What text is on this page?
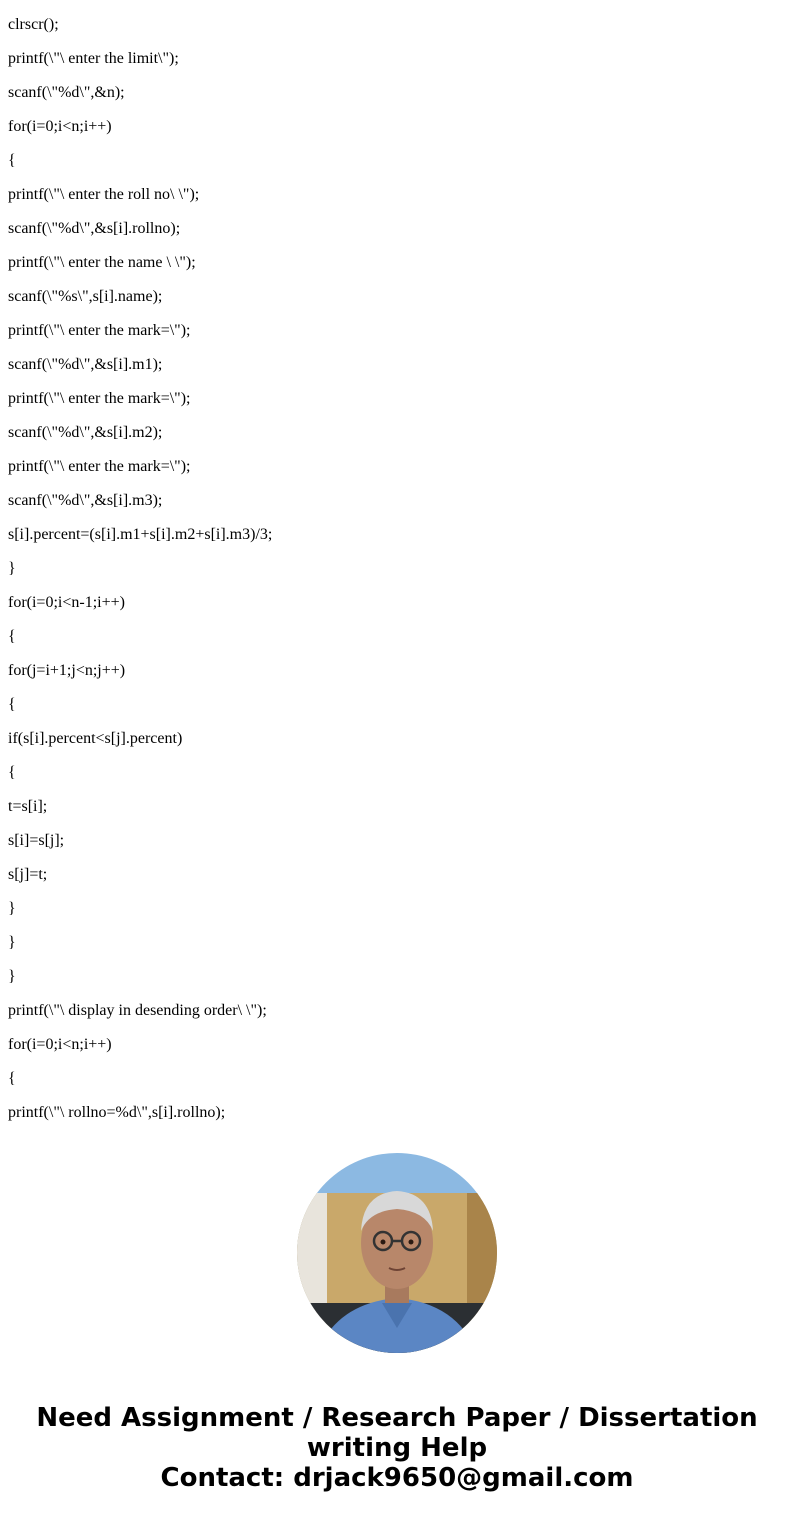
clrscr();

printf(\"\ enter the limit\");

scanf(\"%d\",&n);

for(i=0;i<n;i++)

{

printf(\"\ enter the roll no\ \");

scanf(\"%d\",&s[i].rollno);

printf(\"\ enter the name \ \");

scanf(\"%s\",s[i].name);

printf(\"\ enter the mark=\");

scanf(\"%d\",&s[i].m1);

printf(\"\ enter the mark=\");

scanf(\"%d\",&s[i].m2);

printf(\"\ enter the mark=\");

scanf(\"%d\",&s[i].m3);

s[i].percent=(s[i].m1+s[i].m2+s[i].m3)/3;

}

for(i=0;i<n-1;i++)

{

for(j=i+1;j<n;j++)

{

if(s[i].percent<s[j].percent)

{

t=s[i];

s[i]=s[j];

s[j]=t;

}

}

}

printf(\"\ display in desending order\ \");

for(i=0;i<n;i++)

{

printf(\"\ rollno=%d\",s[i].rollno);

Need Assignment / Research Paper / Dissertation
writing Help
Contact: drjack9650@gmail.com
